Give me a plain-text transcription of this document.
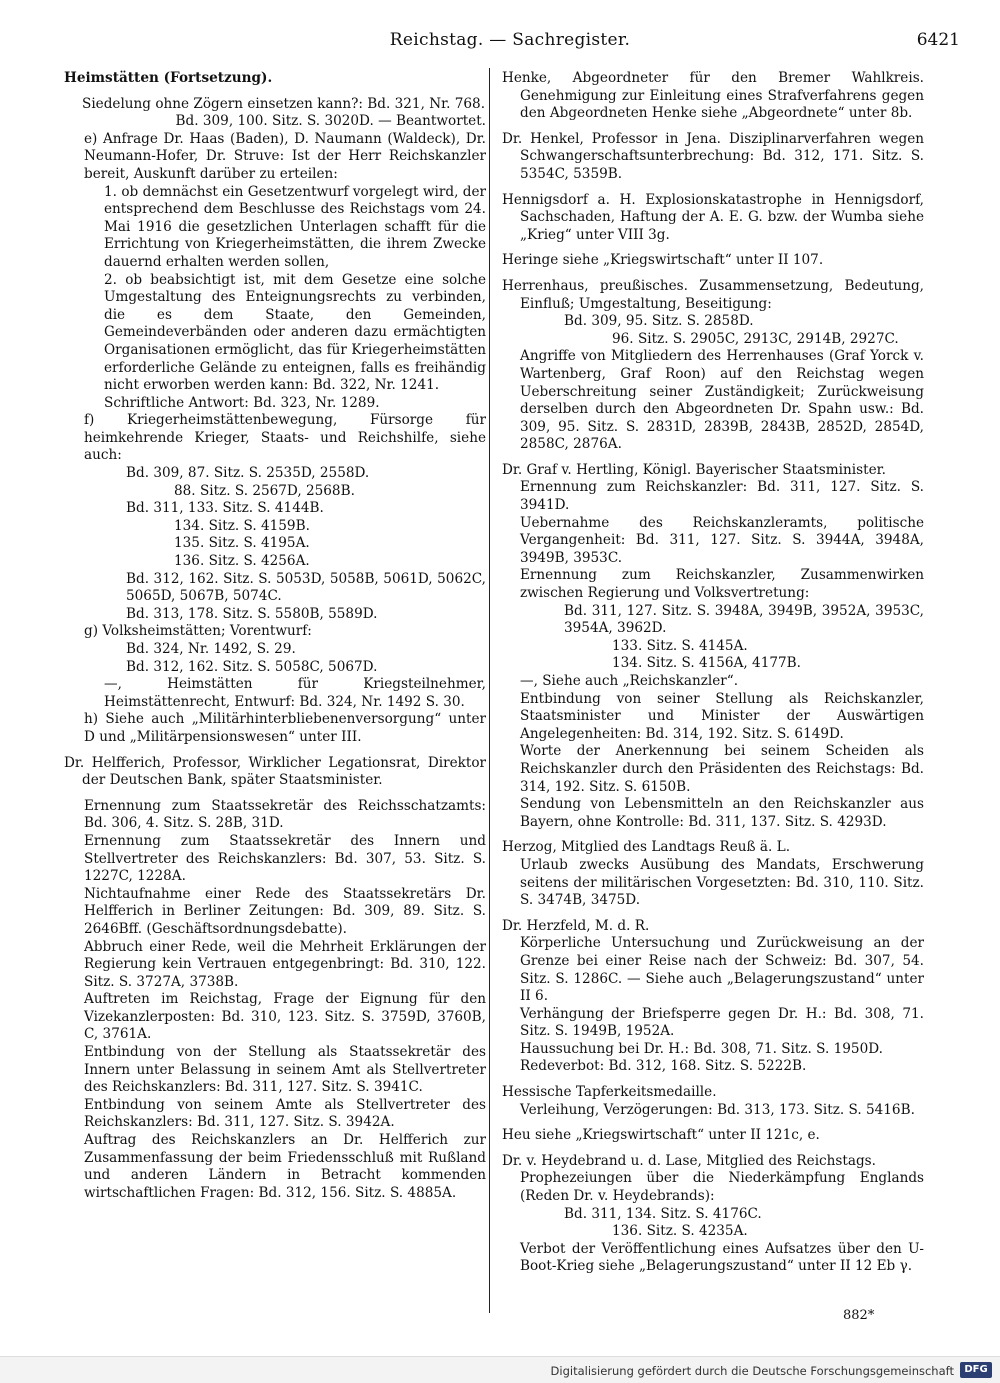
Reichstag. — Sachregister.	6421

Heimstätten (Fortsetzung).

Siedelung ohne Zögern einsetzen kann?: Bd. 321, Nr. 768.

Bd. 309, 100. Sitz. S. 3020D. — Beantwortet.

e) Anfrage Dr. Haas (Baden), D. Naumann (Waldeck), Dr. Neumann-Hofer, Dr. Struve: Ist der Herr Reichskanzler bereit, Auskunft darüber zu erteilen:

1. ob demnächst ein Gesetzentwurf vorgelegt wird, der entsprechend dem Beschlusse des Reichstags vom 24. Mai 1916 die gesetzlichen Unterlagen schafft für die Errichtung von Kriegerheimstätten, die ihrem Zwecke dauernd erhalten werden sollen,

2. ob beabsichtigt ist, mit dem Gesetze eine solche Umgestaltung des Enteignungsrechts zu verbinden, die es dem Staate, den Gemeinden, Gemeindeverbänden oder anderen dazu ermächtigten Organisationen ermöglicht, das für Kriegerheimstätten erforderliche Gelände zu enteignen, falls es freihändig nicht erworben werden kann: Bd. 322, Nr. 1241.

Schriftliche Antwort: Bd. 323, Nr. 1289.

f) Kriegerheimstättenbewegung, Fürsorge für heimkehrende Krieger, Staats- und Reichshilfe, siehe auch:

Bd. 309, 87. Sitz. S. 2535D, 2558D.

88. Sitz. S. 2567D, 2568B.

Bd. 311, 133. Sitz. S. 4144B.

134. Sitz. S. 4159B.

135. Sitz. S. 4195A.

136. Sitz. S. 4256A.

Bd. 312, 162. Sitz. S. 5053D, 5058B, 5061D, 5062C, 5065D, 5067B, 5074C.

Bd. 313, 178. Sitz. S. 5580B, 5589D.

g) Volksheimstätten; Vorentwurf:

Bd. 324, Nr. 1492, S. 29.

Bd. 312, 162. Sitz. S. 5058C, 5067D.

—, Heimstätten für Kriegsteilnehmer, Heimstättenrecht, Entwurf: Bd. 324, Nr. 1492 S. 30.

h) Siehe auch „Militärhinterbliebenenversorgung“ unter D und „Militärpensionswesen“ unter III.

Dr. Helfferich, Professor, Wirklicher Legationsrat, Direktor der Deutschen Bank, später Staatsminister.

Ernennung zum Staatssekretär des Reichsschatzamts: Bd. 306, 4. Sitz. S. 28B, 31D.

Ernennung zum Staatssekretär des Innern und Stellvertreter des Reichskanzlers: Bd. 307, 53. Sitz. S. 1227C, 1228A.

Nichtaufnahme einer Rede des Staatssekretärs Dr. Helfferich in Berliner Zeitungen: Bd. 309, 89. Sitz. S. 2646Bff. (Geschäftsordnungsdebatte).

Abbruch einer Rede, weil die Mehrheit Erklärungen der Regierung kein Vertrauen entgegenbringt: Bd. 310, 122. Sitz. S. 3727A, 3738B.

Auftreten im Reichstag, Frage der Eignung für den Vizekanzlerposten: Bd. 310, 123. Sitz. S. 3759D, 3760B, C, 3761A.

Entbindung von der Stellung als Staatssekretär des Innern unter Belassung in seinem Amt als Stellvertreter des Reichskanzlers: Bd. 311, 127. Sitz. S. 3941C.

Entbindung von seinem Amte als Stellvertreter des Reichskanzlers: Bd. 311, 127. Sitz. S. 3942A.

Auftrag des Reichskanzlers an Dr. Helfferich zur Zusammenfassung der beim Friedensschluß mit Rußland und anderen Ländern in Betracht kommenden wirtschaftlichen Fragen: Bd. 312, 156. Sitz. S. 4885A.

Henke, Abgeordneter für den Bremer Wahlkreis. Genehmigung zur Einleitung eines Strafverfahrens gegen den Abgeordneten Henke siehe „Abgeordnete“ unter 8b.

Dr. Henkel, Professor in Jena. Disziplinarverfahren wegen Schwangerschaftsunterbrechung: Bd. 312, 171. Sitz. S. 5354C, 5359B.

Hennigsdorf a. H. Explosionskatastrophe in Hennigsdorf, Sachschaden, Haftung der A. E. G. bzw. der Wumba siehe „Krieg“ unter VIII 3g.

Heringe siehe „Kriegswirtschaft“ unter II 107.

Herrenhaus, preußisches. Zusammensetzung, Bedeutung, Einfluß; Umgestaltung, Beseitigung:

Bd. 309, 95. Sitz. S. 2858D.

96. Sitz. S. 2905C, 2913C, 2914B, 2927C.

Angriffe von Mitgliedern des Herrenhauses (Graf Yorck v. Wartenberg, Graf Roon) auf den Reichstag wegen Ueberschreitung seiner Zuständigkeit; Zurückweisung derselben durch den Abgeordneten Dr. Spahn usw.: Bd. 309, 95. Sitz. S. 2831D, 2839B, 2843B, 2852D, 2854D, 2858C, 2876A.

Dr. Graf v. Hertling, Königl. Bayerischer Staatsminister.

Ernennung zum Reichskanzler: Bd. 311, 127. Sitz. S. 3941D.

Uebernahme des Reichskanzleramts, politische Vergangenheit: Bd. 311, 127. Sitz. S. 3944A, 3948A, 3949B, 3953C.

Ernennung zum Reichskanzler, Zusammenwirken zwischen Regierung und Volksvertretung:

Bd. 311, 127. Sitz. S. 3948A, 3949B, 3952A, 3953C, 3954A, 3962D.

133. Sitz. S. 4145A.

134. Sitz. S. 4156A, 4177B.

—, Siehe auch „Reichskanzler“.

Entbindung von seiner Stellung als Reichskanzler, Staatsminister und Minister der Auswärtigen Angelegenheiten: Bd. 314, 192. Sitz. S. 6149D.

Worte der Anerkennung bei seinem Scheiden als Reichskanzler durch den Präsidenten des Reichstags: Bd. 314, 192. Sitz. S. 6150B.

Sendung von Lebensmitteln an den Reichskanzler aus Bayern, ohne Kontrolle: Bd. 311, 137. Sitz. S. 4293D.

Herzog, Mitglied des Landtags Reuß ä. L.

Urlaub zwecks Ausübung des Mandats, Erschwerung seitens der militärischen Vorgesetzten: Bd. 310, 110. Sitz. S. 3474B, 3475D.

Dr. Herzfeld, M. d. R.

Körperliche Untersuchung und Zurückweisung an der Grenze bei einer Reise nach der Schweiz: Bd. 307, 54. Sitz. S. 1286C. — Siehe auch „Belagerungszustand“ unter II 6.

Verhängung der Briefsperre gegen Dr. H.: Bd. 308, 71. Sitz. S. 1949B, 1952A.

Haussuchung bei Dr. H.: Bd. 308, 71. Sitz. S. 1950D.

Redeverbot: Bd. 312, 168. Sitz. S. 5222B.

Hessische Tapferkeitsmedaille.

Verleihung, Verzögerungen: Bd. 313, 173. Sitz. S. 5416B.

Heu siehe „Kriegswirtschaft“ unter II 121c, e.

Dr. v. Heydebrand u. d. Lase, Mitglied des Reichstags.

Prophezeiungen über die Niederkämpfung Englands (Reden Dr. v. Heydebrands):

Bd. 311, 134. Sitz. S. 4176C.

136. Sitz. S. 4235A.

Verbot der Veröffentlichung eines Aufsatzes über den U-Boot-Krieg siehe „Belagerungszustand“ unter II 12 Eb γ.

882*
Digitalisierung gefördert durch die Deutsche Forschungsgemeinschaft	DFG
